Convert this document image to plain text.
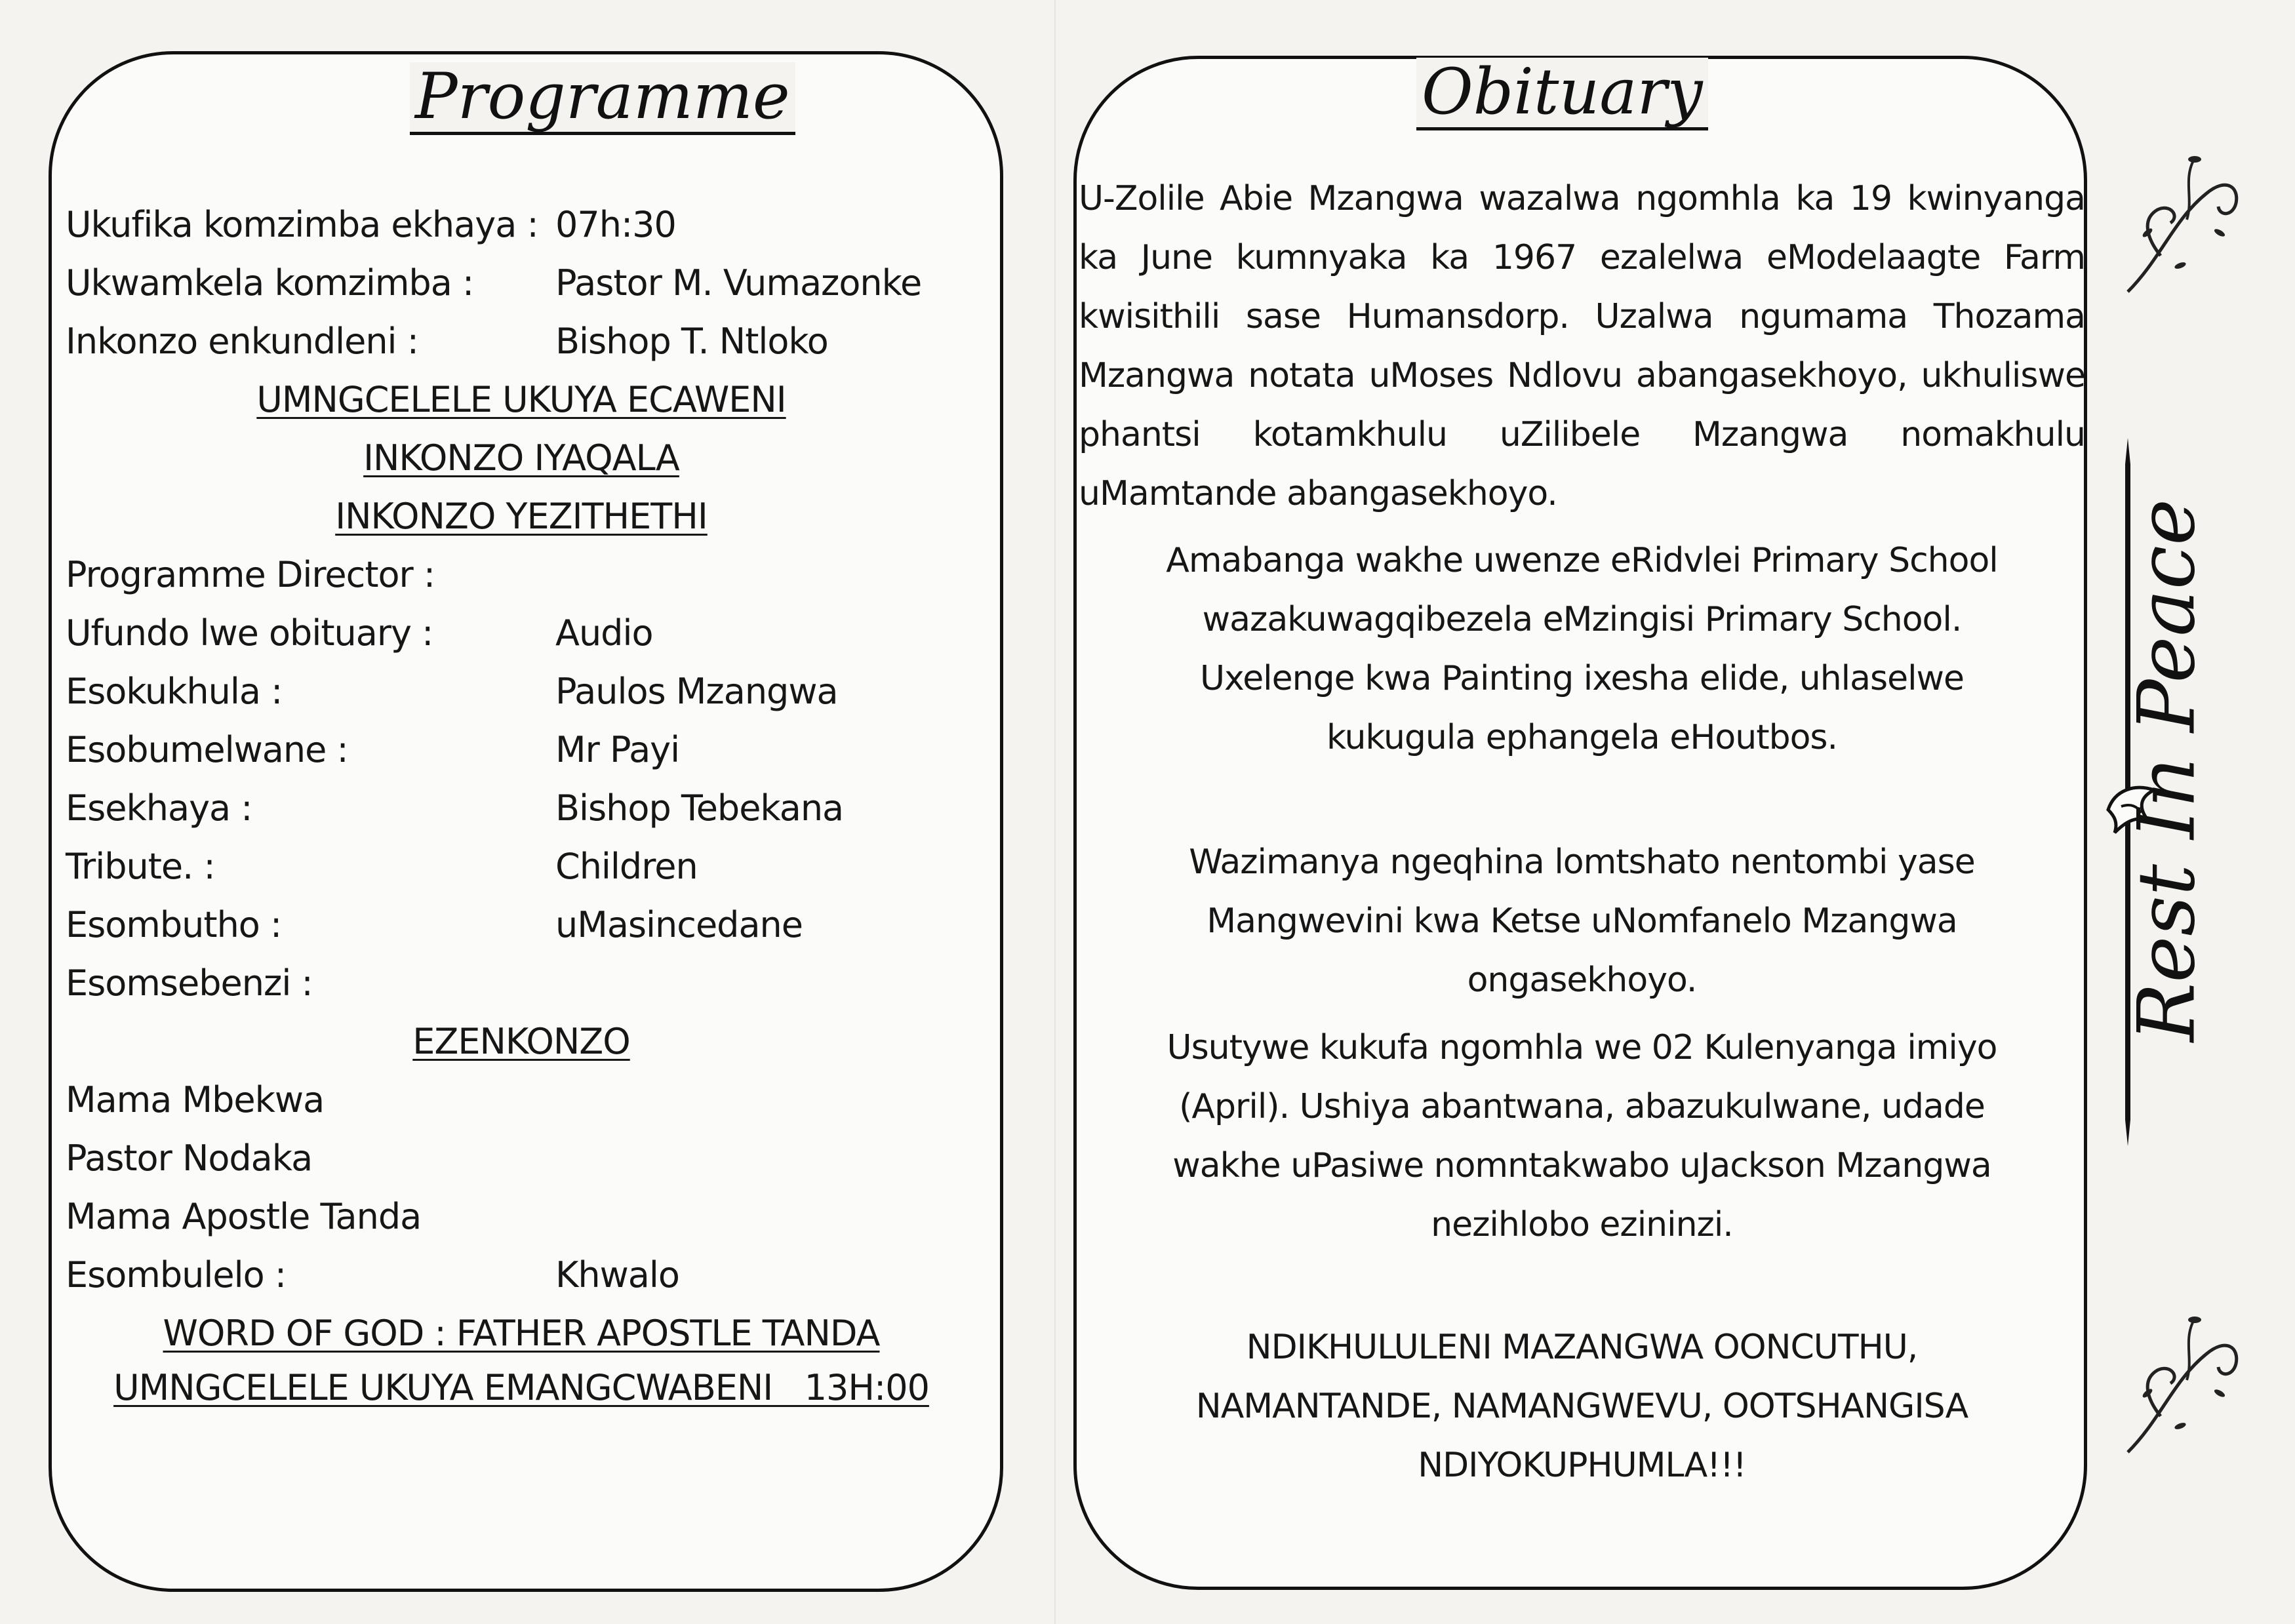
Programme
Ukufika komzimba ekhaya : 07h:30
Ukwamkela komzimba : Pastor M. Vumazonke
Inkonzo enkundleni :	Bishop T. Ntloko
UMNGCELELE UKUYA ECAWENI
INKONZO IYAQALA
INKONZO YEZITHETHI
Programme Director :
Ufundo lwe obituary :	Audio
Esokukhula :	Paulos Mzangwa
Esobumelwane :	Mr Payi
Esekhaya :	Bishop Tebekana
Tribute. :	Children
Esombutho :	uMasincedane
Esomsebenzi :
EZENKONZO
Mama Mbekwa
Pastor Nodaka
Mama Apostle Tanda
Esombulelo :	Khwalo
WORD OF GOD : FATHER APOSTLE TANDA
UMNGCELELE UKUYA EMANGCWABENI   13H:00
Obituary
U-Zolile Abie Mzangwa wazalwa ngomhla ka 19 kwinyanga ka June kumnyaka ka 1967 ezalelwa eModelaagte Farm kwisithili sase Humansdorp. Uzalwa ngumama Thozama Mzangwa notata uMoses Ndlovu abangasekhoyo, ukhuliswe phantsi kotamkhulu uZilibele Mzangwa nomakhulu uMamtande abangasekhoyo.
Amabanga wakhe uwenze eRidvlei Primary School wazakuwagqibezela eMzingisi Primary School. Uxelenge kwa Painting ixesha elide, uhlaselwe kukugula ephangela eHoutbos.
Wazimanya ngeqhina lomtshato nentombi yase Mangwevini kwa Ketse uNomfanelo Mzangwa ongasekhoyo.
Usutywe kukufa ngomhla we 02 Kulenyanga imiyo (April). Ushiya abantwana, abazukulwane, udade wakhe uPasiwe nomntakwabo uJackson Mzangwa nezihlobo ezininzi.
NDIKHULULENI MAZANGWA OONCUTHU, NAMANTANDE, NAMANGWEVU, OOTSHANGISA NDIYOKUPHUMLA!!!
Rest In Peace
